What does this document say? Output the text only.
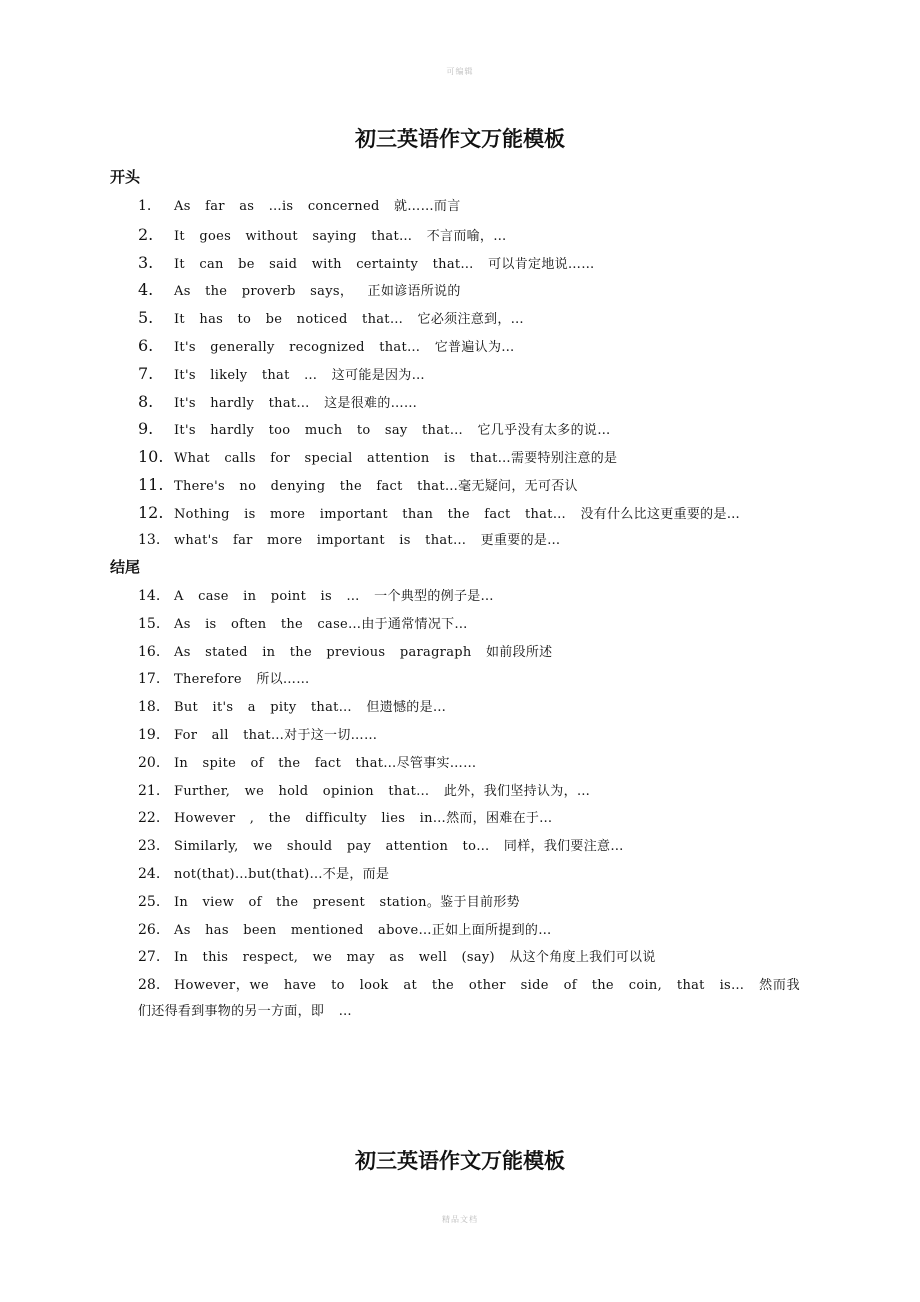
可编辑
初三英语作文万能模板
开头
1. As far as …is concerned 就……而言
2. It goes without saying that… 不言而喻，…
3. It can be said with certainty that… 可以肯定地说……
4. As the proverb says， 正如谚语所说的
5. It has to be noticed that… 它必须注意到，…
6. It's generally recognized that… 它普遍认为…
7. It's likely that … 这可能是因为…
8. It's hardly that… 这是很难的……
9. It's hardly too much to say that… 它几乎没有太多的说…
10. What calls for special attention is that…需要特别注意的是
11. There's no denying the fact that…毫无疑问，无可否认
12. Nothing is more important than the fact that… 没有什么比这更重要的是…
13. what's far more important is that… 更重要的是…
结尾
14. A case in point is … 一个典型的例子是…
15. As is often the case…由于通常情况下…
16. As stated in the previous paragraph 如前段所述
17. Therefore 所以……
18. But it's a pity that… 但遗憾的是…
19. For all that…对于这一切……
20. In spite of the fact that…尽管事实……
21. Further, we hold opinion that… 此外，我们坚持认为，…
22. However , the difficulty lies in…然而，困难在于…
23. Similarly, we should pay attention to… 同样，我们要注意…
24. not(that)…but(that)…不是，而是
25. In view of the present station。鉴于目前形势
26. As has been mentioned above…正如上面所提到的…
27. In this respect, we may as well (say) 从这个角度上我们可以说
28. However，we have to look at the other side of the coin, that is… 然而我们还得看到事物的另一方面，即 …
初三英语作文万能模板
精品文档
